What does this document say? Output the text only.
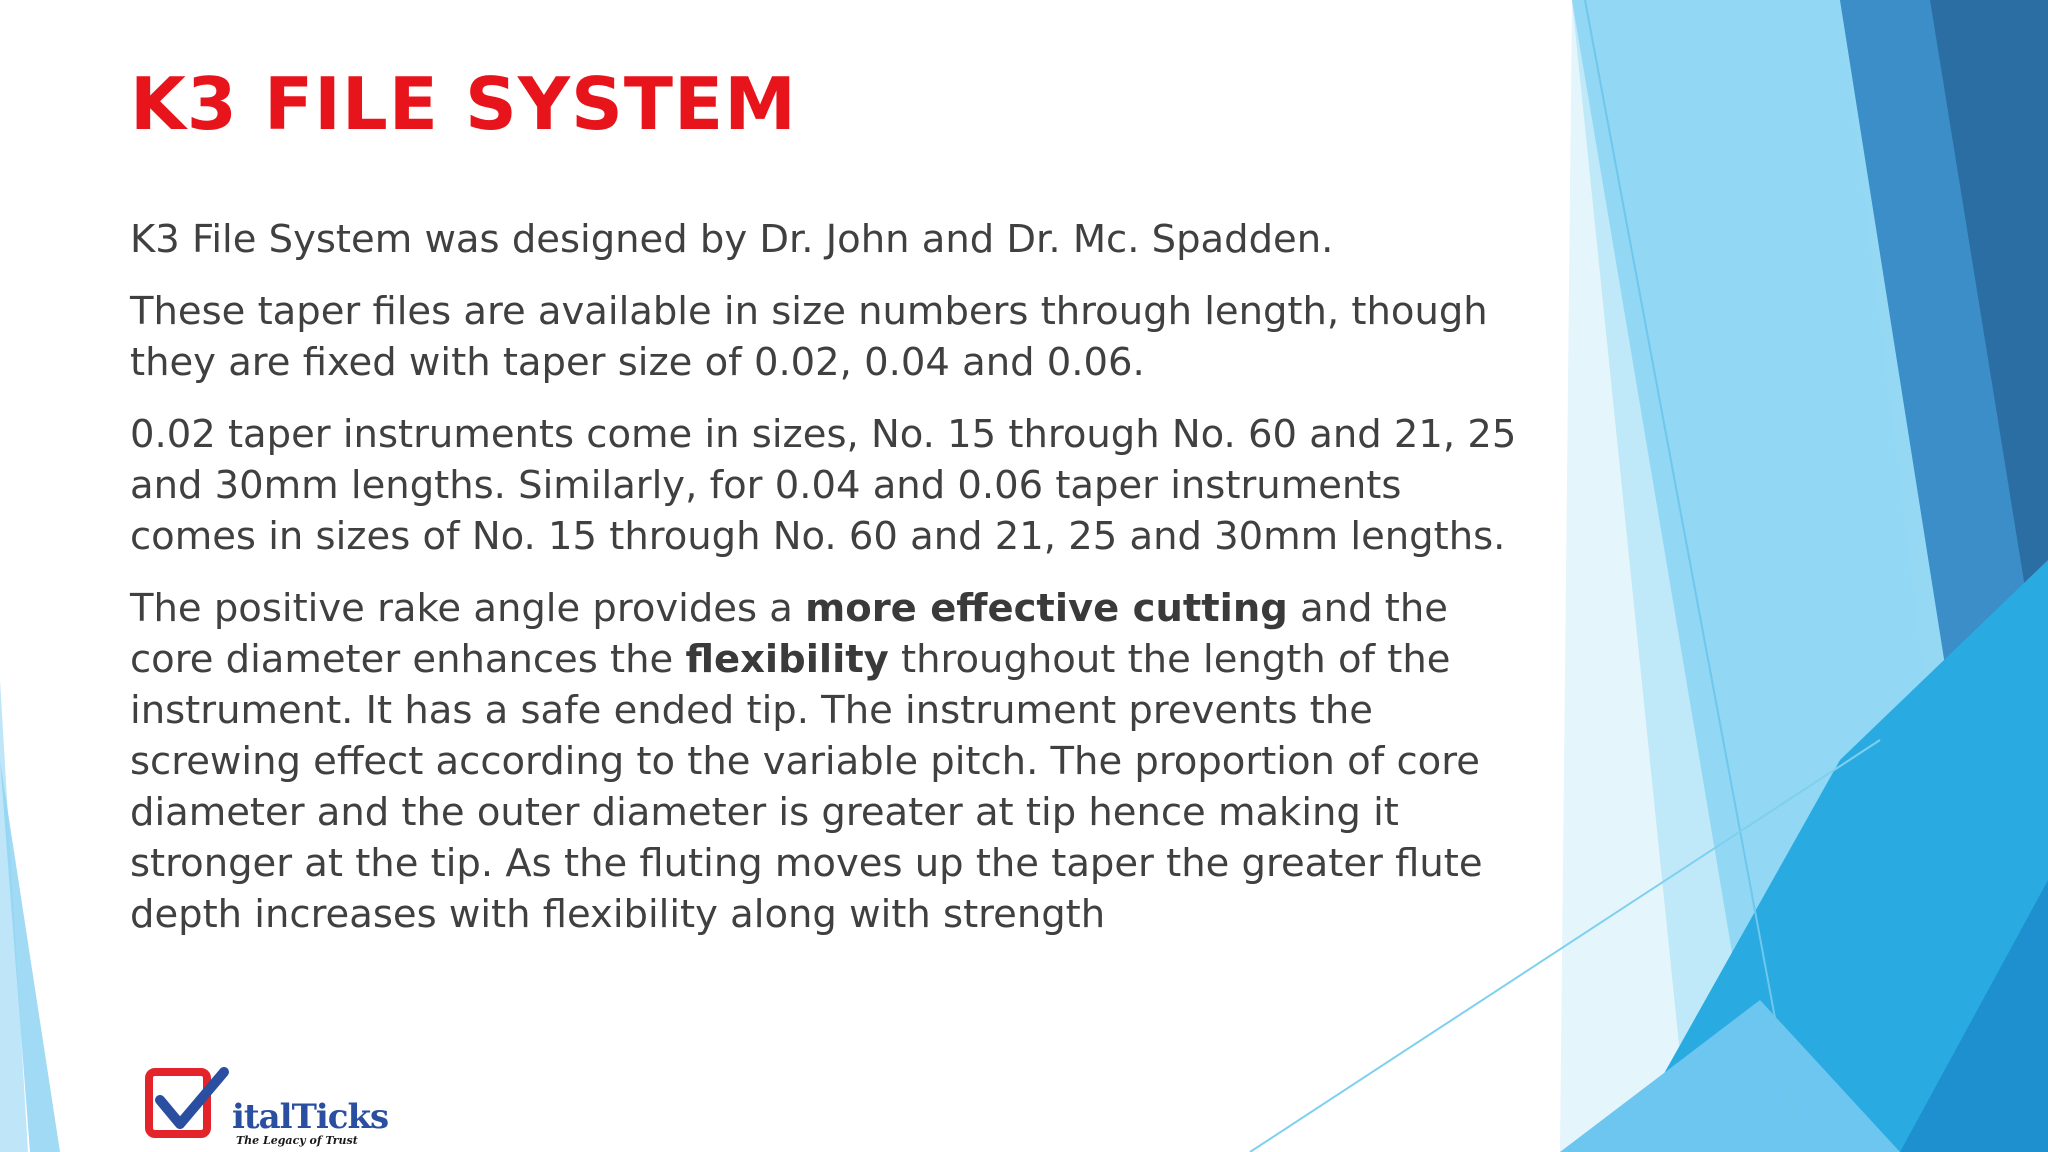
K3 FILE SYSTEM

K3 File System was designed by Dr. John and Dr. Mc. Spadden.

These taper files are available in size numbers through length, though they are fixed with taper size of 0.02, 0.04 and 0.06.

0.02 taper instruments come in sizes, No. 15 through No. 60 and 21, 25 and 30mm lengths. Similarly, for 0.04 and 0.06 taper instruments comes in sizes of No. 15 through No. 60 and 21, 25 and 30mm lengths.

The positive rake angle provides a more effective cutting and the core diameter enhances the flexibility throughout the length of the instrument. It has a safe ended tip. The instrument prevents the screwing effect according to the variable pitch. The proportion of core diameter and the outer diameter is greater at tip hence making it stronger at the tip. As the fluting moves up the taper the greater flute depth increases with flexibility along with strength

italTicks
The Legacy of Trust
